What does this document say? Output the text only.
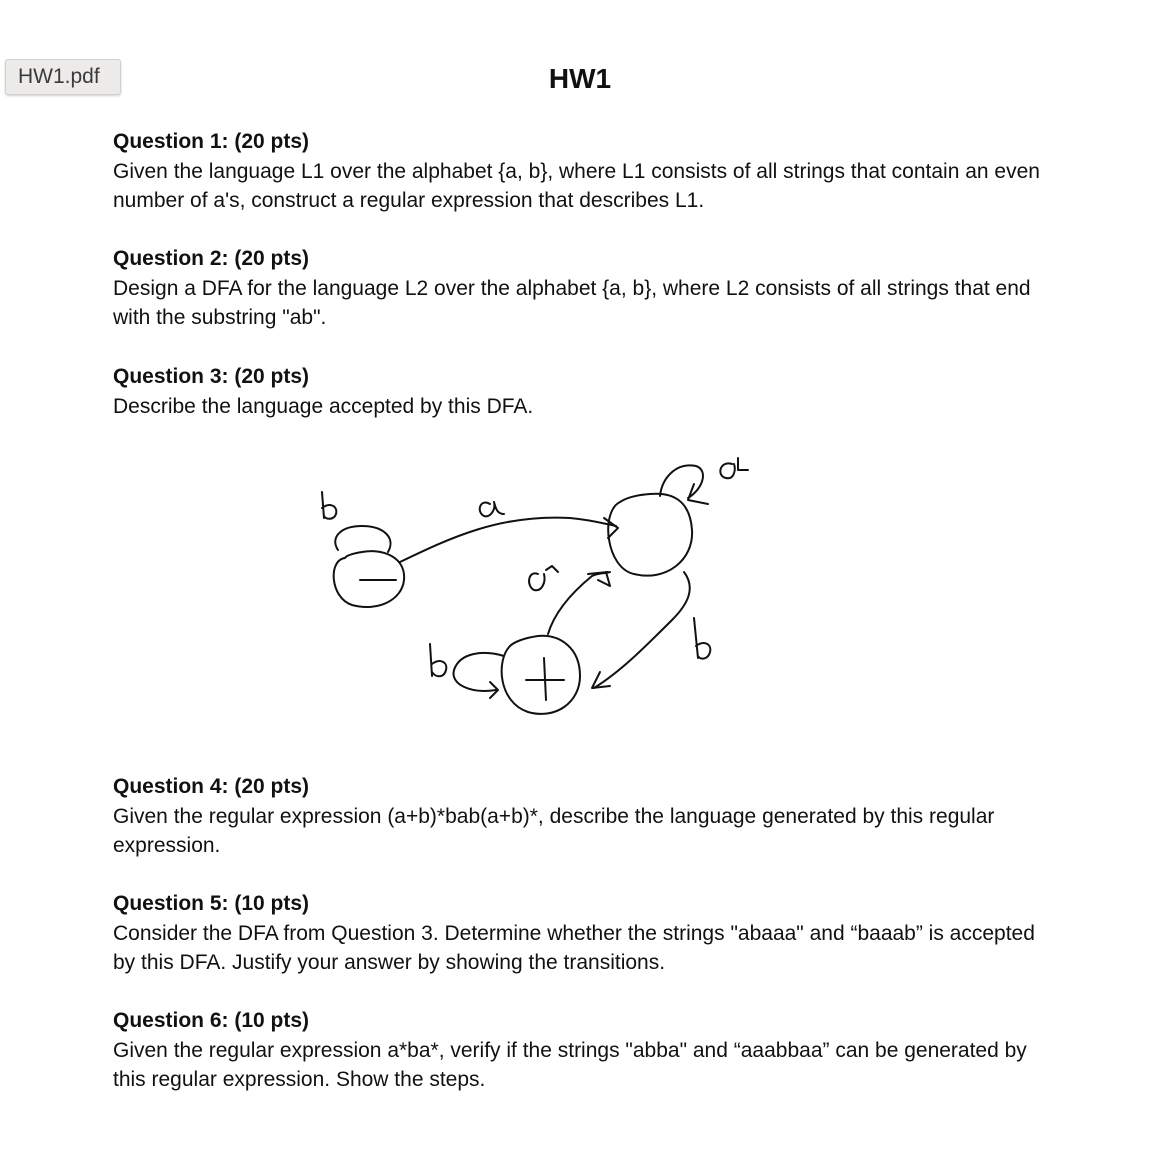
HW1.pdf	HW1
Question 1: (20 pts)
Given the language L1 over the alphabet {a, b}, where L1 consists of all strings that contain an even number of a's, construct a regular expression that describes L1.
Question 2: (20 pts)
Design a DFA for the language L2 over the alphabet {a, b}, where L2 consists of all strings that end with the substring "ab".
Question 3: (20 pts)
Describe the language accepted by this DFA.
Question 4: (20 pts)
Given the regular expression (a+b)*bab(a+b)*, describe the language generated by this regular expression.
Question 5: (10 pts)
Consider the DFA from Question 3. Determine whether the strings "abaaa" and “baaab” is accepted by this DFA. Justify your answer by showing the transitions.
Question 6: (10 pts)
Given the regular expression a*ba*, verify if the strings "abba" and “aaabbaa” can be generated by this regular expression. Show the steps.
